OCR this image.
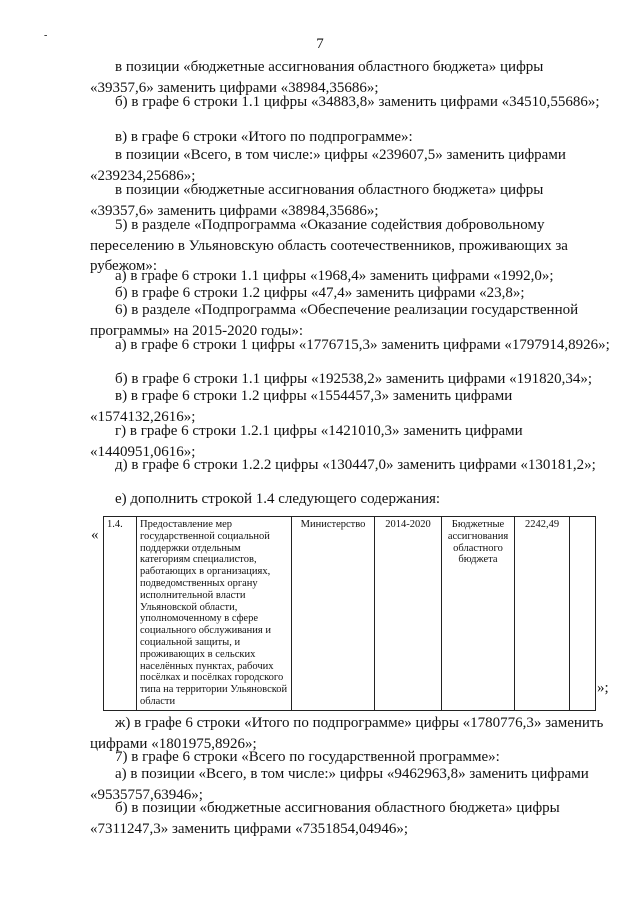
-
7

в позиции «бюджетные ассигнования областного бюджета» цифры «39357,6» заменить цифрами «38984,35686»;

б) в графе 6 строки 1.1 цифры «34883,8» заменить цифрами «34510,55686»;

в) в графе 6 строки «Итого по подпрограмме»:

в позиции «Всего, в том числе:» цифры «239607,5» заменить цифрами «239234,25686»;

в позиции «бюджетные ассигнования областного бюджета» цифры «39357,6» заменить цифрами «38984,35686»;

5) в разделе «Подпрограмма «Оказание содействия добровольному переселению в Ульяновскую область соотечественников, проживающих за рубежом»:

а) в графе 6 строки 1.1 цифры «1968,4» заменить цифрами «1992,0»;

б) в графе 6 строки 1.2 цифры «47,4» заменить цифрами «23,8»;

6) в разделе «Подпрограмма «Обеспечение реализации государственной программы» на 2015-2020 годы»:

а) в графе 6 строки 1 цифры «1776715,3» заменить цифрами «1797914,8926»;

б) в графе 6 строки 1.1 цифры «192538,2» заменить цифрами «191820,34»;

в) в графе 6 строки 1.2 цифры «1554457,3» заменить цифрами «1574132,2616»;

г) в графе 6 строки 1.2.1 цифры «1421010,3» заменить цифрами «1440951,0616»;

д) в графе 6 строки 1.2.2 цифры «130447,0» заменить цифрами «130181,2»;

е) дополнить строкой 1.4 следующего содержания:

«
1.4.	Предоставление мер государственной социальной поддержки отдельным категориям специалистов, работающих в организациях, подведомственных органу исполнительной власти Ульяновской области, уполномоченному в сфере социального обслуживания и социальной защиты, и проживающих в сельских населённых пунктах, рабочих посёлках и посёлках городского типа на территории Ульяновской области	Министерство	2014-2020	Бюджетные ассигнования областного бюджета	2242,49	
»;

ж) в графе 6 строки «Итого по подпрограмме» цифры «1780776,3» заменить цифрами «1801975,8926»;

7) в графе 6 строки «Всего по государственной программе»:

а) в позиции «Всего, в том числе:» цифры «9462963,8» заменить цифрами «9535757,63946»;

б) в позиции «бюджетные ассигнования областного бюджета» цифры «7311247,3» заменить цифрами «7351854,04946»;
